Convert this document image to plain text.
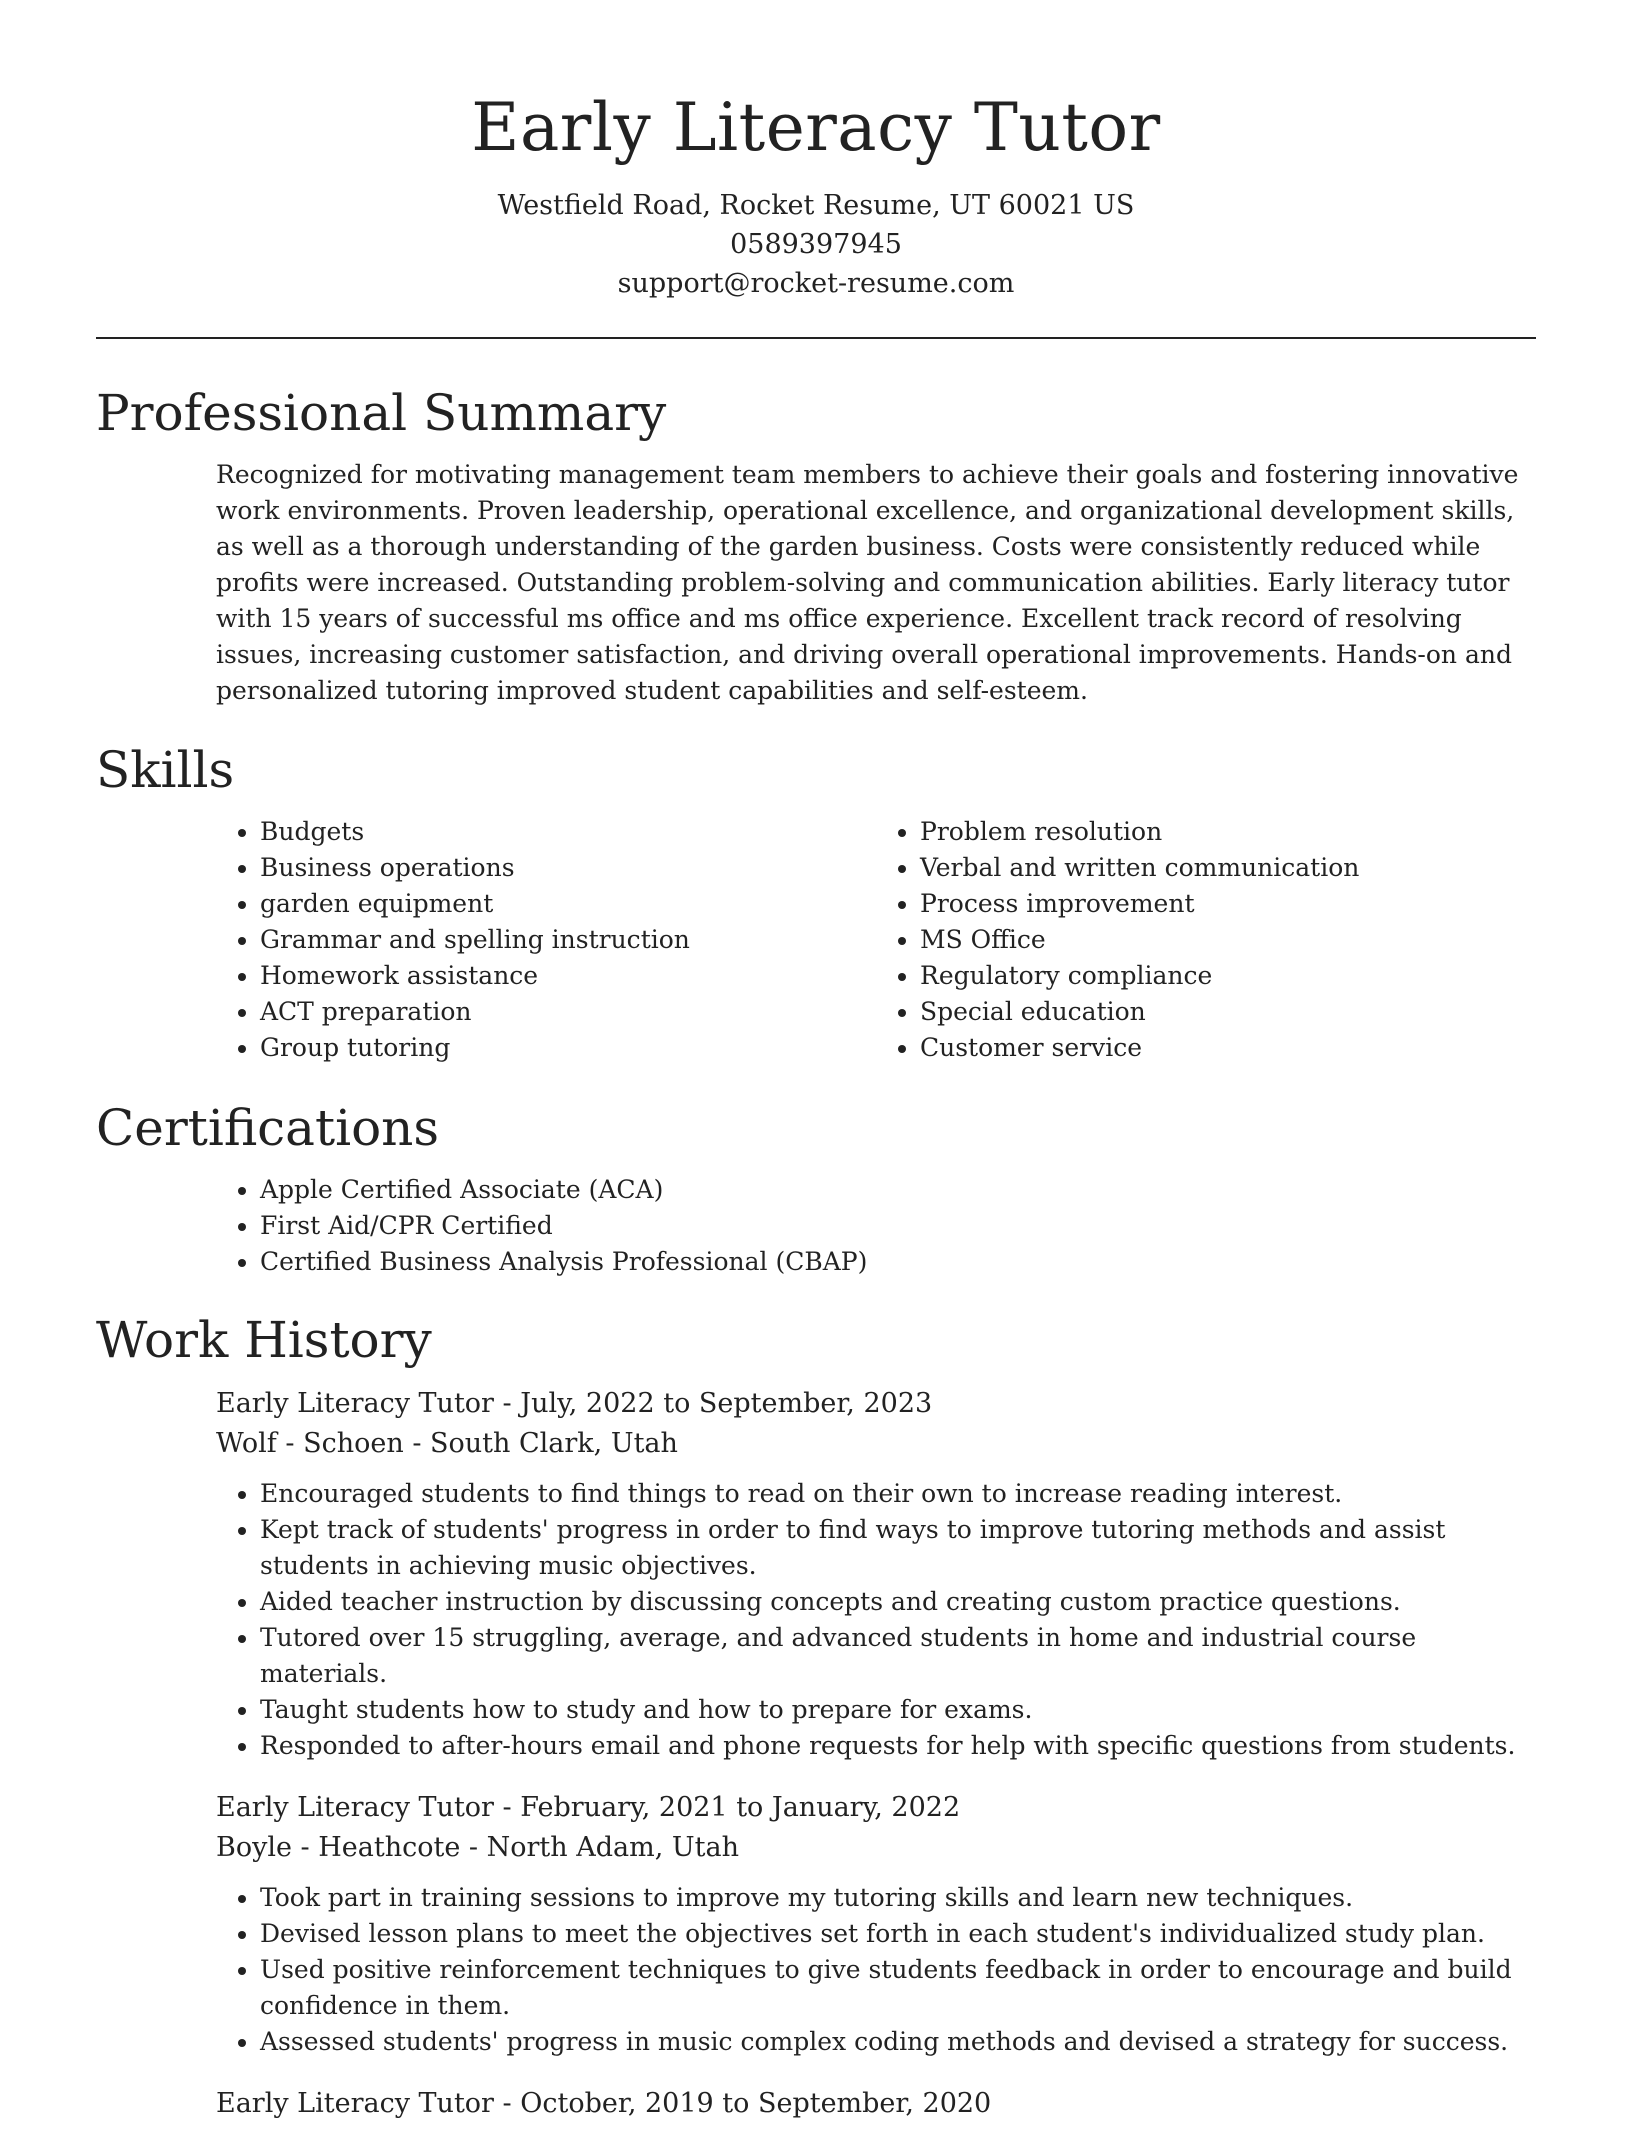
Early Literacy Tutor
Westfield Road, Rocket Resume, UT 60021 US
0589397945
support@rocket-resume.com
Professional Summary

Recognized for motivating management team members to achieve their goals and fostering innovative work environments. Proven leadership, operational excellence, and organizational development skills, as well as a thorough understanding of the garden business. Costs were consistently reduced while profits were increased. Outstanding problem-solving and communication abilities. Early literacy tutor with 15 years of successful ms office and ms office experience. Excellent track record of resolving issues, increasing customer satisfaction, and driving overall operational improvements. Hands-on and personalized tutoring improved student capabilities and self-esteem.

Skills
• Budgets
• Business operations
• garden equipment
• Grammar and spelling instruction
• Homework assistance
• ACT preparation
• Group tutoring
• Problem resolution
• Verbal and written communication
• Process improvement
• MS Office
• Regulatory compliance
• Special education
• Customer service
Certifications
• Apple Certified Associate (ACA)
• First Aid/CPR Certified
• Certified Business Analysis Professional (CBAP)
Work History
Early Literacy Tutor - July, 2022 to September, 2023
Wolf - Schoen - South Clark, Utah
• Encouraged students to find things to read on their own to increase reading interest.
• Kept track of students' progress in order to find ways to improve tutoring methods and assist students in achieving music objectives.
• Aided teacher instruction by discussing concepts and creating custom practice questions.
• Tutored over 15 struggling, average, and advanced students in home and industrial course materials.
• Taught students how to study and how to prepare for exams.
• Responded to after-hours email and phone requests for help with specific questions from students.
Early Literacy Tutor - February, 2021 to January, 2022
Boyle - Heathcote - North Adam, Utah
• Took part in training sessions to improve my tutoring skills and learn new techniques.
• Devised lesson plans to meet the objectives set forth in each student's individualized study plan.
• Used positive reinforcement techniques to give students feedback in order to encourage and build confidence in them.
• Assessed students' progress in music complex coding methods and devised a strategy for success.
Early Literacy Tutor - October, 2019 to September, 2020
